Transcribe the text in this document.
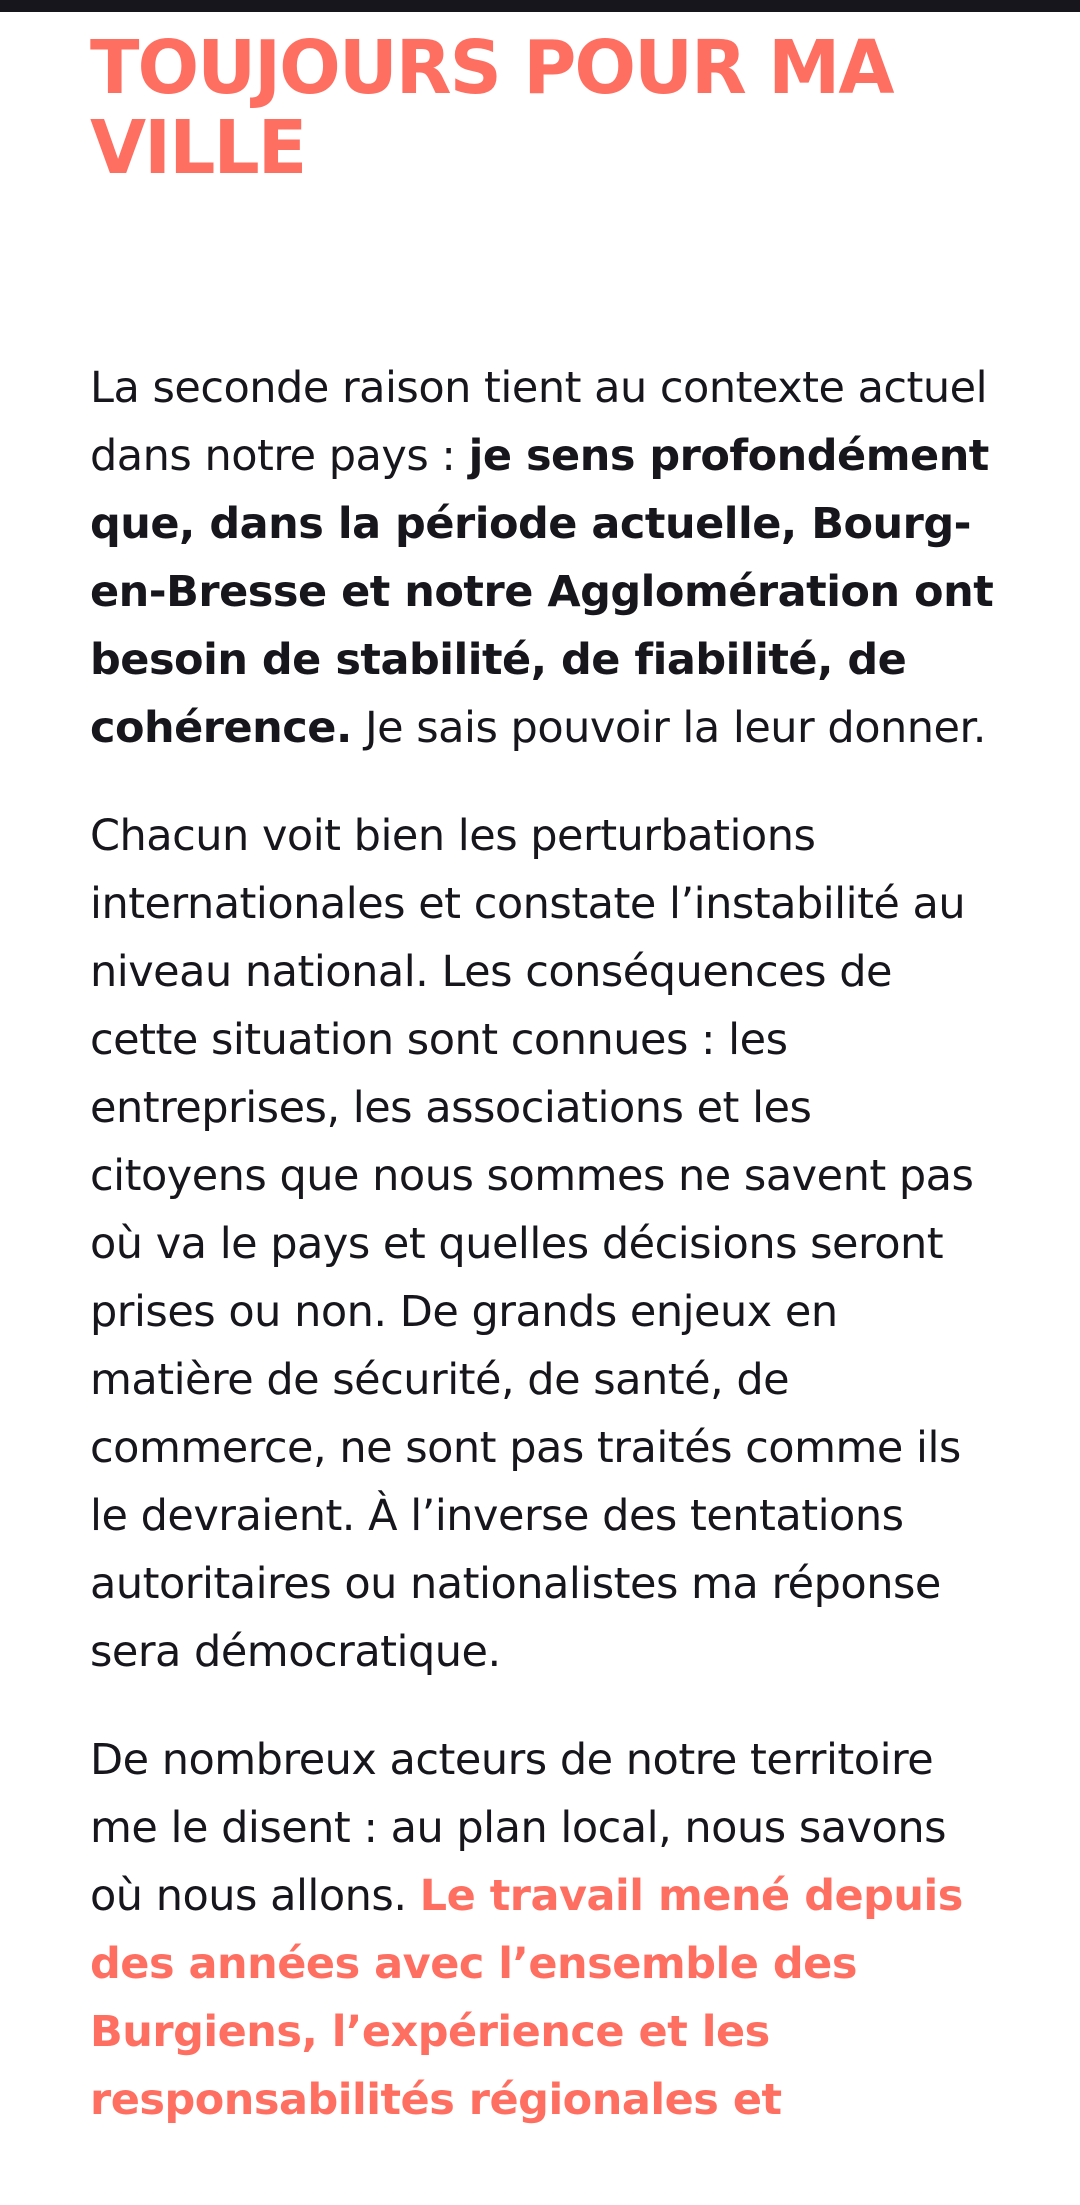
TOUJOURS POUR MA VILLE

La seconde raison tient au contexte actuel dans notre pays : je sens profondément que, dans la période actuelle, Bourg-en-Bresse et notre Agglomération ont besoin de stabilité, de fiabilité, de cohérence. Je sais pouvoir la leur donner.

Chacun voit bien les perturbations internationales et constate l’instabilité au niveau national. Les conséquences de cette situation sont connues : les entreprises, les associations et les citoyens que nous sommes ne savent pas où va le pays et quelles décisions seront prises ou non. De grands enjeux en matière de sécurité, de santé, de commerce, ne sont pas traités comme ils le devraient. À l’inverse des tentations autoritaires ou nationalistes ma réponse sera démocratique.

De nombreux acteurs de notre territoire me le disent : au plan local, nous savons où nous allons. Le travail mené depuis des années avec l’ensemble des Burgiens, l’expérience et les responsabilités régionales et
